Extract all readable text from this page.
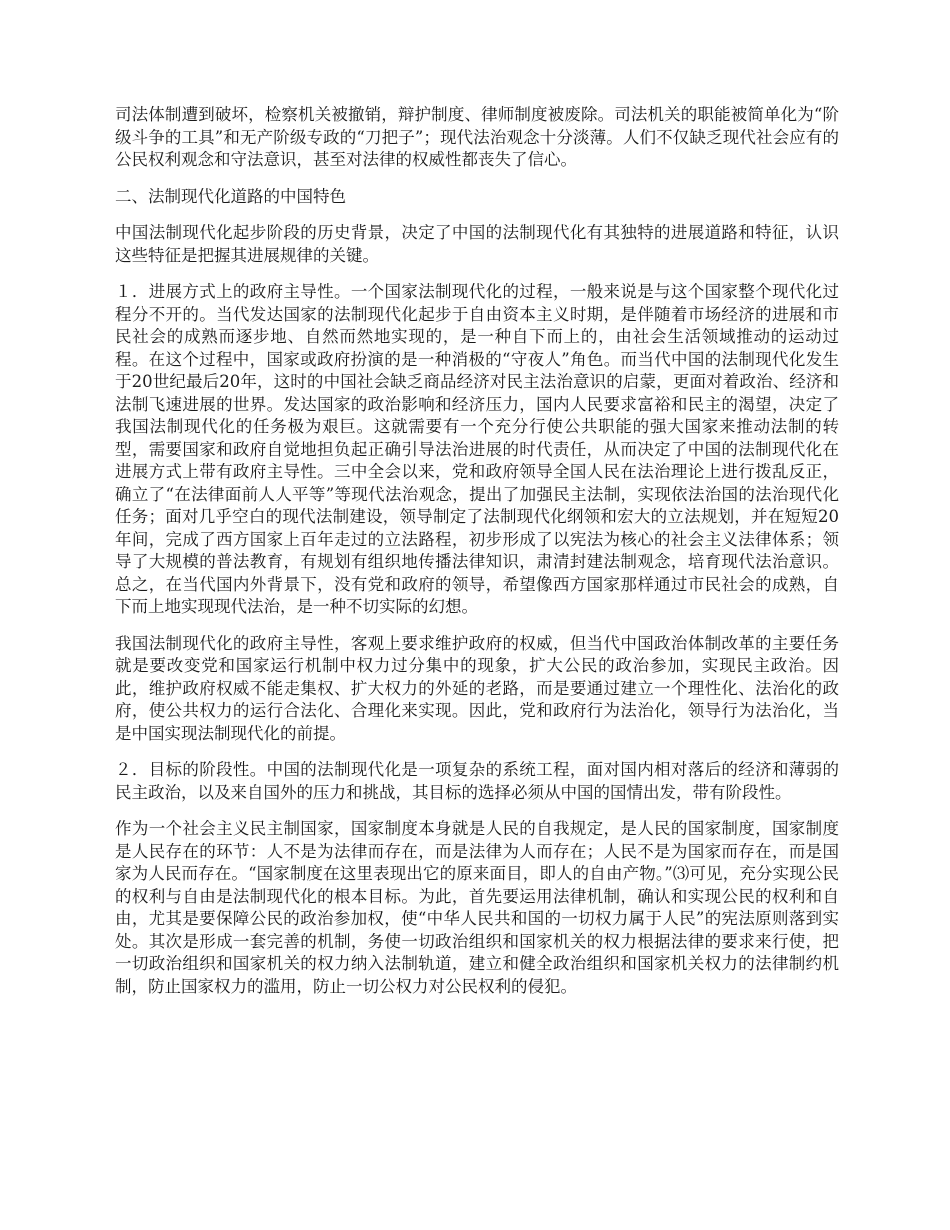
司法体制遭到破坏，检察机关被撤销，辩护制度、律师制度被废除。司法机关的职能被简单化为“阶级斗争的工具”和无产阶级专政的“刀把子”；现代法治观念十分淡薄。人们不仅缺乏现代社会应有的公民权利观念和守法意识，甚至对法律的权威性都丧失了信心。

二、法制现代化道路的中国特色

中国法制现代化起步阶段的历史背景，决定了中国的法制现代化有其独特的进展道路和特征，认识这些特征是把握其进展规律的关键。

１．进展方式上的政府主导性。一个国家法制现代化的过程，一般来说是与这个国家整个现代化过程分不开的。当代发达国家的法制现代化起步于自由资本主义时期，是伴随着市场经济的进展和市民社会的成熟而逐步地、自然而然地实现的，是一种自下而上的，由社会生活领域推动的运动过程。在这个过程中，国家或政府扮演的是一种消极的“守夜人”角色。而当代中国的法制现代化发生于20世纪最后20年，这时的中国社会缺乏商品经济对民主法治意识的启蒙，更面对着政治、经济和法制飞速进展的世界。发达国家的政治影响和经济压力，国内人民要求富裕和民主的渴望，决定了我国法制现代化的任务极为艰巨。这就需要有一个充分行使公共职能的强大国家来推动法制的转型，需要国家和政府自觉地担负起正确引导法治进展的时代责任，从而决定了中国的法制现代化在进展方式上带有政府主导性。三中全会以来，党和政府领导全国人民在法治理论上进行拨乱反正，确立了“在法律面前人人平等”等现代法治观念，提出了加强民主法制，实现依法治国的法治现代化任务；面对几乎空白的现代法制建设，领导制定了法制现代化纲领和宏大的立法规划，并在短短20年间，完成了西方国家上百年走过的立法路程，初步形成了以宪法为核心的社会主义法律体系；领导了大规模的普法教育，有规划有组织地传播法律知识，肃清封建法制观念，培育现代法治意识。总之，在当代国内外背景下，没有党和政府的领导，希望像西方国家那样通过市民社会的成熟，自下而上地实现现代法治，是一种不切实际的幻想。

我国法制现代化的政府主导性，客观上要求维护政府的权威，但当代中国政治体制改革的主要任务就是要改变党和国家运行机制中权力过分集中的现象，扩大公民的政治参加，实现民主政治。因此，维护政府权威不能走集权、扩大权力的外延的老路，而是要通过建立一个理性化、法治化的政府，使公共权力的运行合法化、合理化来实现。因此，党和政府行为法治化，领导行为法治化，当是中国实现法制现代化的前提。

２．目标的阶段性。中国的法制现代化是一项复杂的系统工程，面对国内相对落后的经济和薄弱的民主政治，以及来自国外的压力和挑战，其目标的选择必须从中国的国情出发，带有阶段性。

作为一个社会主义民主制国家，国家制度本身就是人民的自我规定，是人民的国家制度，国家制度是人民存在的环节：人不是为法律而存在，而是法律为人而存在；人民不是为国家而存在，而是国家为人民而存在。“国家制度在这里表现出它的原来面目，即人的自由产物。”⑶可见，充分实现公民的权利与自由是法制现代化的根本目标。为此，首先要运用法律机制，确认和实现公民的权利和自由，尤其是要保障公民的政治参加权，使“中华人民共和国的一切权力属于人民”的宪法原则落到实处。其次是形成一套完善的机制，务使一切政治组织和国家机关的权力根据法律的要求来行使，把一切政治组织和国家机关的权力纳入法制轨道，建立和健全政治组织和国家机关权力的法律制约机制，防止国家权力的滥用，防止一切公权力对公民权利的侵犯。
